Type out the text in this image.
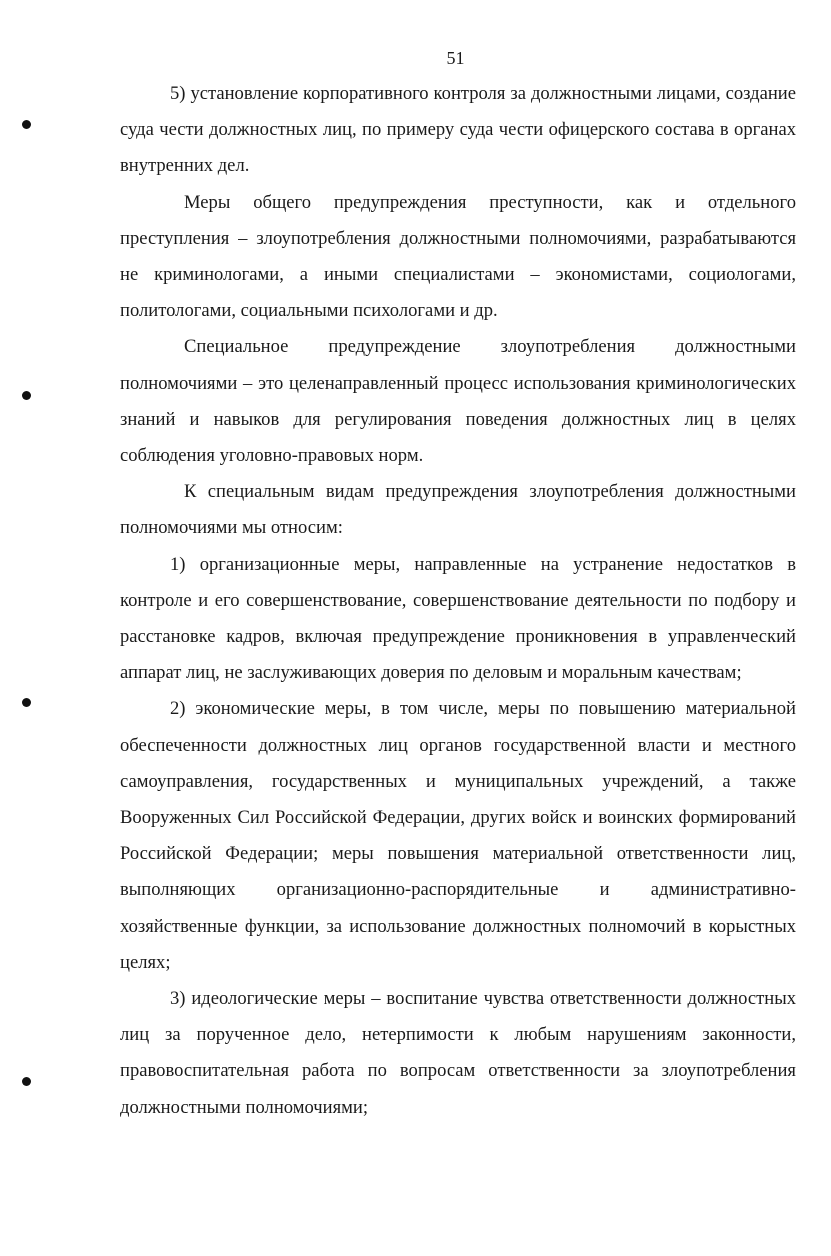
51

5) установление корпоративного контроля за должностными лицами, создание суда чести должностных лиц, по примеру суда чести офицерского состава в органах внутренних дел.

Меры общего предупреждения преступности, как и отдельного преступления – злоупотребления должностными полномочиями, разрабатываются не криминологами, а иными специалистами – экономистами, социологами, политологами, социальными психологами и др.

Специальное предупреждение злоупотребления должностными полномочиями – это целенаправленный процесс использования криминологических знаний и навыков для регулирования поведения должностных лиц в целях соблюдения уголовно-правовых норм.

К специальным видам предупреждения злоупотребления должностными полномочиями мы относим:

1) организационные меры, направленные на устранение недостатков в контроле и его совершенствование, совершенствование деятельности по подбору и расстановке кадров, включая предупреждение проникновения в управленческий аппарат лиц, не заслуживающих доверия по деловым и моральным качествам;

2) экономические меры, в том числе, меры по повышению материальной обеспеченности должностных лиц органов государственной власти и местного самоуправления, государственных и муниципальных учреждений, а также Вооруженных Сил Российской Федерации, других войск и воинских формирований Российской Федерации; меры повышения материальной ответственности лиц, выполняющих организационно-распорядительные и административно-хозяйственные функции, за использование должностных полномочий в корыстных целях;

3) идеологические меры – воспитание чувства ответственности должностных лиц за порученное дело, нетерпимости к любым нарушениям законности, правовоспитательная работа по вопросам ответственности за злоупотребления должностными полномочиями;
